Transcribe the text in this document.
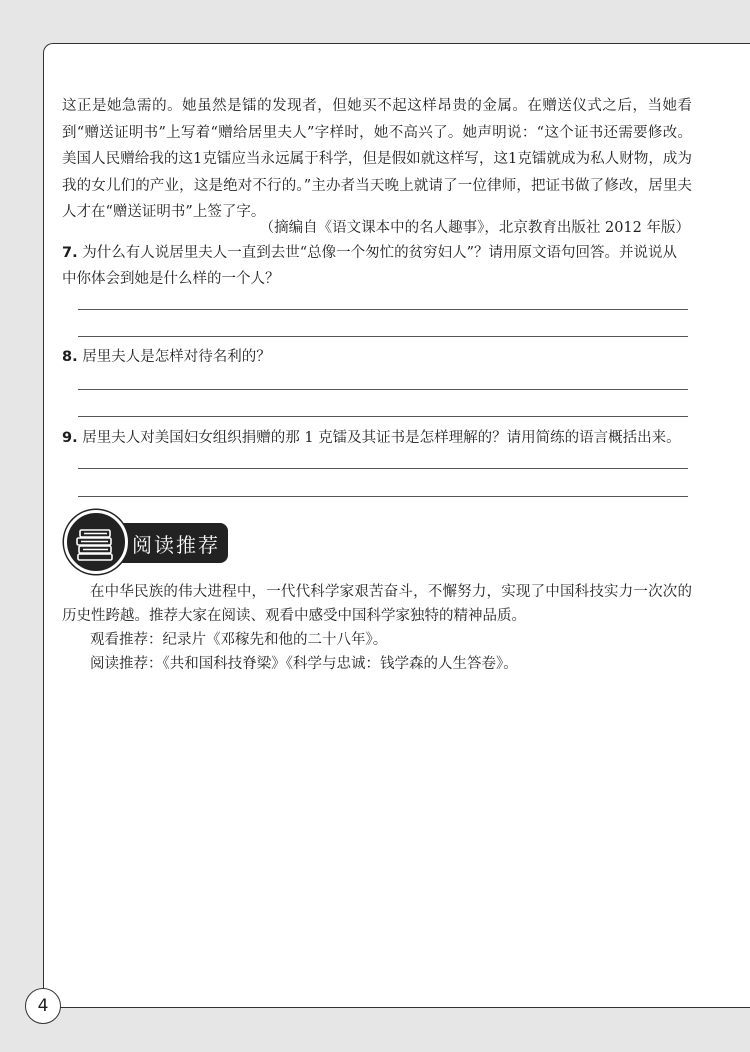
这正是她急需的。她虽然是镭的发现者，但她买不起这样昂贵的金属。在赠送仪式之后，当她看到“赠送证明书”上写着“赠给居里夫人”字样时，她不高兴了。她声明说：“这个证书还需要修改。美国人民赠给我的这1克镭应当永远属于科学，但是假如就这样写，这1克镭就成为私人财物，成为我的女儿们的产业，这是绝对不行的。”主办者当天晚上就请了一位律师，把证书做了修改，居里夫人才在“赠送证明书”上签了字。

（摘编自《语文课本中的名人趣事》，北京教育出版社 2012 年版）

7. 为什么有人说居里夫人一直到去世“总像一个匆忙的贫穷妇人”？请用原文语句回答。并说说从中你体会到她是什么样的一个人？

8. 居里夫人是怎样对待名利的？

9. 居里夫人对美国妇女组织捐赠的那 1 克镭及其证书是怎样理解的？请用简练的语言概括出来。

阅读推荐

在中华民族的伟大进程中，一代代科学家艰苦奋斗，不懈努力，实现了中国科技实力一次次的历史性跨越。推荐大家在阅读、观看中感受中国科学家独特的精神品质。

观看推荐：纪录片《邓稼先和他的二十八年》。

阅读推荐：《共和国科技脊梁》《科学与忠诚：钱学森的人生答卷》。

4
